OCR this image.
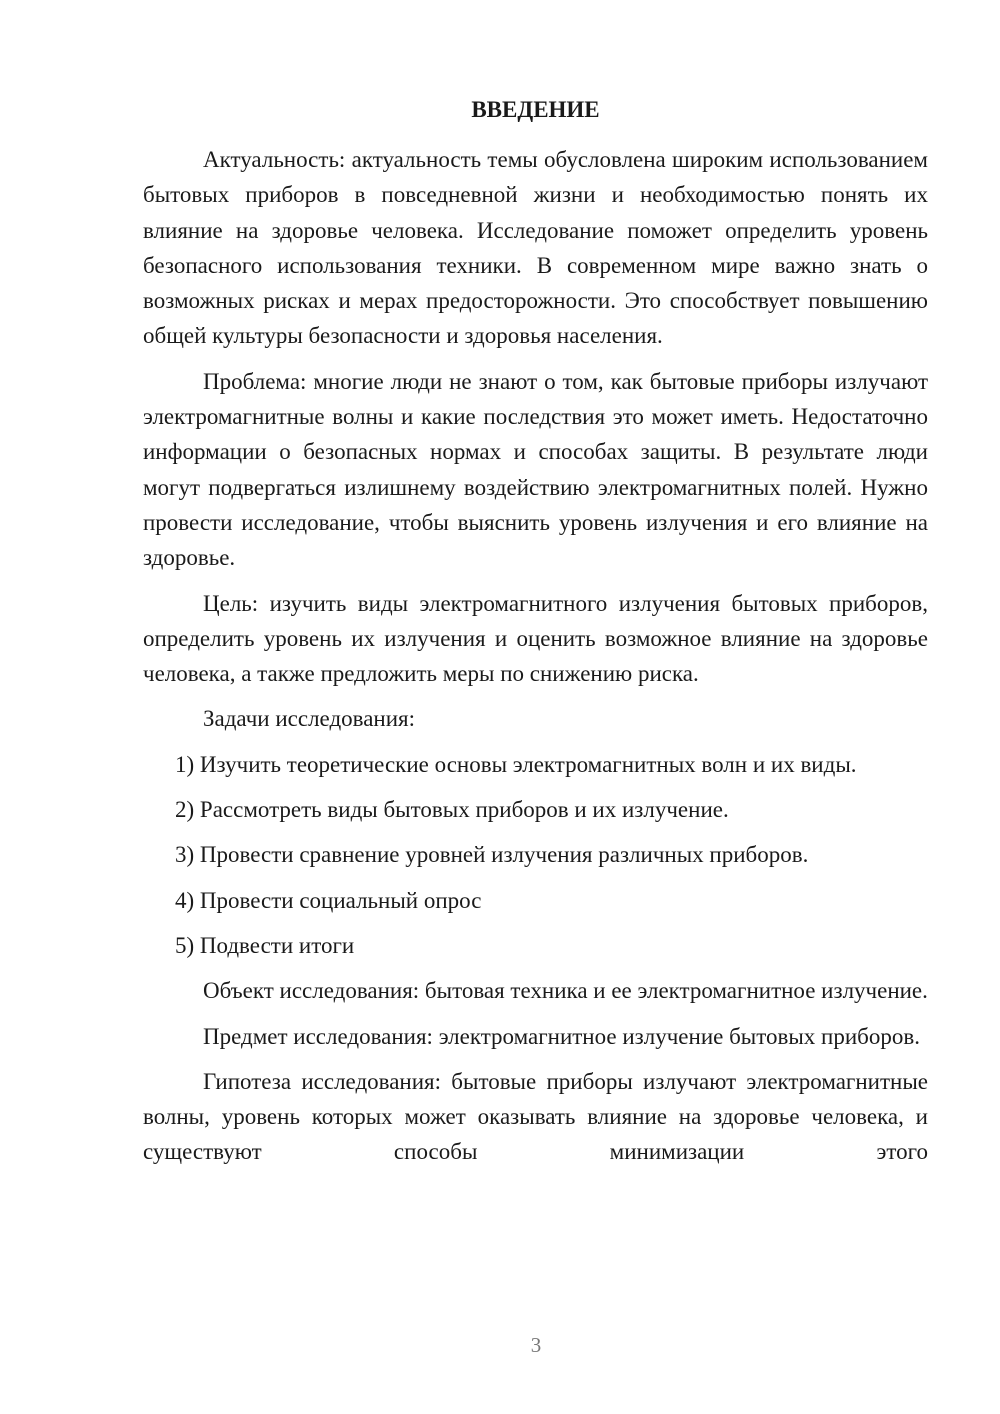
ВВЕДЕНИЕ

Актуальность: актуальность темы обусловлена широким использованием бытовых приборов в повседневной жизни и необходимостью понять их влияние на здоровье человека. Исследование поможет определить уровень безопасного использования техники. В современном мире важно знать о возможных рисках и мерах предосторожности. Это способствует повышению общей культуры безопасности и здоровья населения.

Проблема: многие люди не знают о том, как бытовые приборы излучают электромагнитные волны и какие последствия это может иметь. Недостаточно информации о безопасных нормах и способах защиты. В результате люди могут подвергаться излишнему воздействию электромагнитных полей. Нужно провести исследование, чтобы выяснить уровень излучения и его влияние на здоровье.

Цель: изучить виды электромагнитного излучения бытовых приборов, определить уровень их излучения и оценить возможное влияние на здоровье человека, а также предложить меры по снижению риска.

Задачи исследования:

1) Изучить теоретические основы электромагнитных волн и их виды.

2) Рассмотреть виды бытовых приборов и их излучение.

3) Провести сравнение уровней излучения различных приборов.

4) Провести социальный опрос

5) Подвести итоги

Объект исследования: бытовая техника и ее электромагнитное излучение.

Предмет исследования: электромагнитное излучение бытовых приборов.

Гипотеза исследования: бытовые приборы излучают электромагнитные волны, уровень которых может оказывать влияние на здоровье человека, и существуют способы минимизации этого

3
